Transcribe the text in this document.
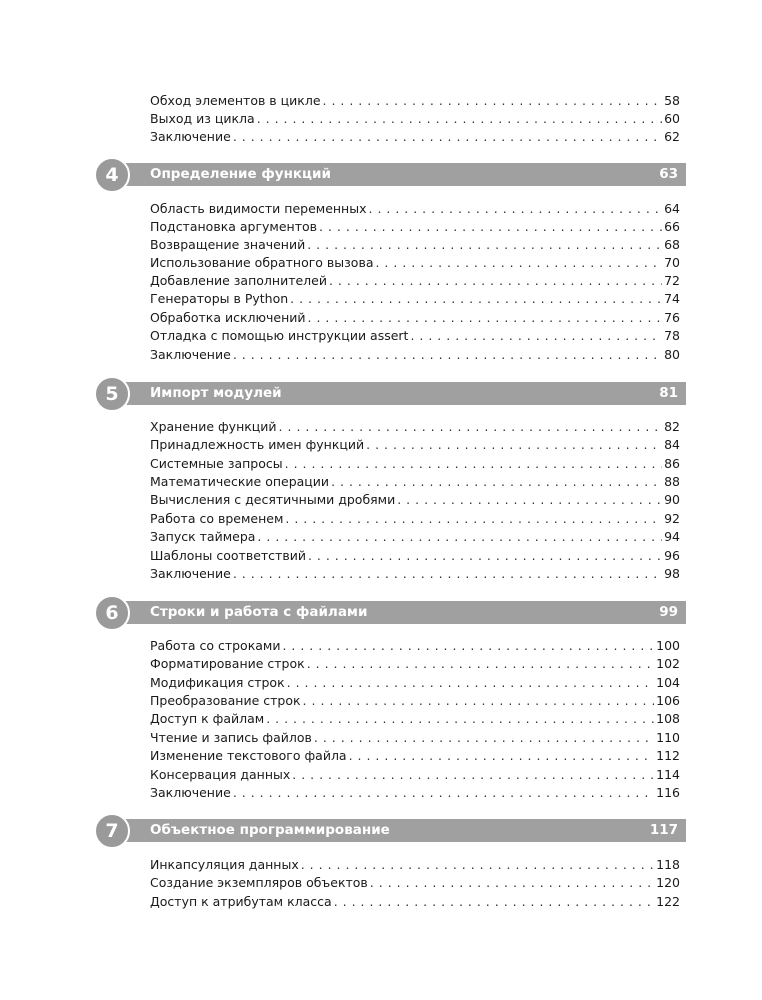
Обход элементов в цикле . . .	58
Выход из цикла . . .	60
Заключение . . .	62
4	Определение функций	63
Область видимости переменных . . .	64
Подстановка аргументов . . .	66
Возвращение значений . . .	68
Использование обратного вызова . . .	70
Добавление заполнителей . . .	72
Генераторы в Python . . .	74
Обработка исключений . . .	76
Отладка с помощью инструкции assert . . .	78
Заключение . . .	80
5	Импорт модулей	81
Хранение функций . . .	82
Принадлежность имен функций . . .	84
Системные запросы . . .	86
Математические операции . . .	88
Вычисления с десятичными дробями . . .	90
Работа со временем . . .	92
Запуск таймера . . .	94
Шаблоны соответствий . . .	96
Заключение . . .	98
6	Строки и работа с файлами	99
Работа со строками . . .	100
Форматирование строк . . .	102
Модификация строк . . .	104
Преобразование строк . . .	106
Доступ к файлам . . .	108
Чтение и запись файлов . . .	110
Изменение текстового файла . . .	112
Консервация данных . . .	114
Заключение . . .	116
7	Объектное программирование	117
Инкапсуляция данных . . .	118
Создание экземпляров объектов . . .	120
Доступ к атрибутам класса . . .	122
